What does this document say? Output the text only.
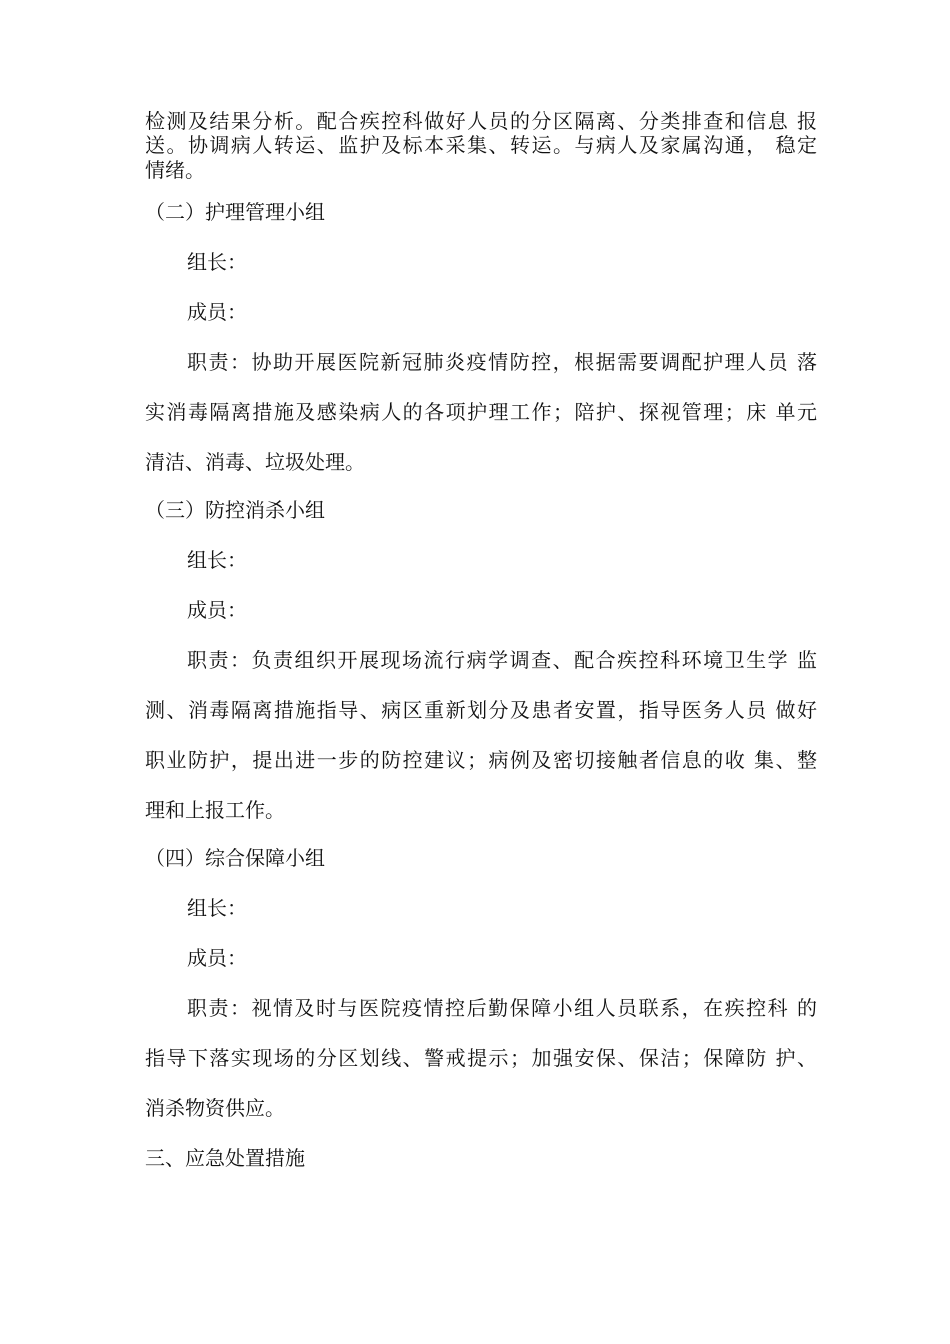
检测及结果分析。配合疾控科做好人员的分区隔离、分类排查和信息 报
送。协调病人转运、监护及标本采集、转运。与病人及家属沟通， 稳定
情绪。
（二）护理管理小组
组长：
成员：
职责：协助开展医院新冠肺炎疫情防控，根据需要调配护理人员 落
实消毒隔离措施及感染病人的各项护理工作；陪护、探视管理；床 单元
清洁、消毒、垃圾处理。
（三）防控消杀小组
组长：
成员：
职责：负责组织开展现场流行病学调查、配合疾控科环境卫生学 监
测、消毒隔离措施指导、病区重新划分及患者安置，指导医务人员 做好
职业防护，提出进一步的防控建议；病例及密切接触者信息的收 集、整
理和上报工作。
（四）综合保障小组
组长：
成员：
职责：视情及时与医院疫情控后勤保障小组人员联系，在疾控科 的
指导下落实现场的分区划线、警戒提示；加强安保、保洁；保障防 护、
消杀物资供应。
三、应急处置措施
